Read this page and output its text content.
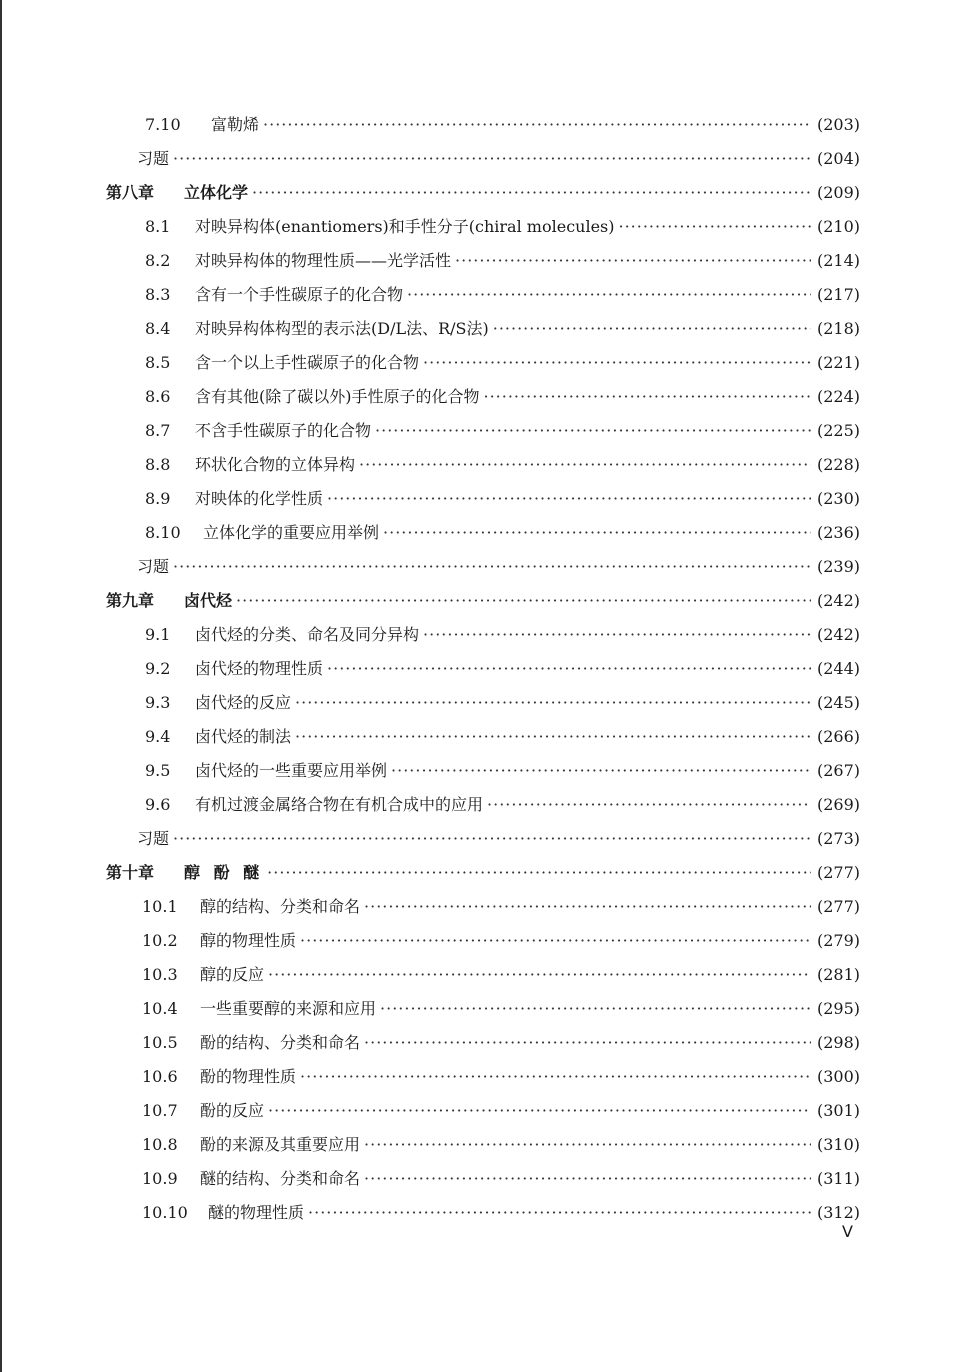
7.10	富勒烯 ·····	(203)
习题 ·····	(204)
第八章	立体化学 ·····	(209)
8.1	对映异构体(enantiomers)和手性分子(chiral molecules) ·····	(210)
8.2	对映异构体的物理性质——光学活性 ·····	(214)
8.3	含有一个手性碳原子的化合物 ·····	(217)
8.4	对映异构体构型的表示法(D/L法、R/S法) ·····	(218)
8.5	含一个以上手性碳原子的化合物 ·····	(221)
8.6	含有其他(除了碳以外)手性原子的化合物 ·····	(224)
8.7	不含手性碳原子的化合物 ·····	(225)
8.8	环状化合物的立体异构 ·····	(228)
8.9	对映体的化学性质 ·····	(230)
8.10	立体化学的重要应用举例 ·····	(236)
习题 ·····	(239)
第九章	卤代烃 ·····	(242)
9.1	卤代烃的分类、命名及同分异构 ·····	(242)
9.2	卤代烃的物理性质 ·····	(244)
9.3	卤代烃的反应 ·····	(245)
9.4	卤代烃的制法 ·····	(266)
9.5	卤代烃的一些重要应用举例 ·····	(267)
9.6	有机过渡金属络合物在有机合成中的应用 ·····	(269)
习题 ·····	(273)
第十章	醇 酚 醚 ·····	(277)
10.1	醇的结构、分类和命名 ·····	(277)
10.2	醇的物理性质 ·····	(279)
10.3	醇的反应 ·····	(281)
10.4	一些重要醇的来源和应用 ·····	(295)
10.5	酚的结构、分类和命名 ·····	(298)
10.6	酚的物理性质 ·····	(300)
10.7	酚的反应 ·····	(301)
10.8	酚的来源及其重要应用 ·····	(310)
10.9	醚的结构、分类和命名 ·····	(311)
10.10	醚的物理性质 ·····	(312)
V
